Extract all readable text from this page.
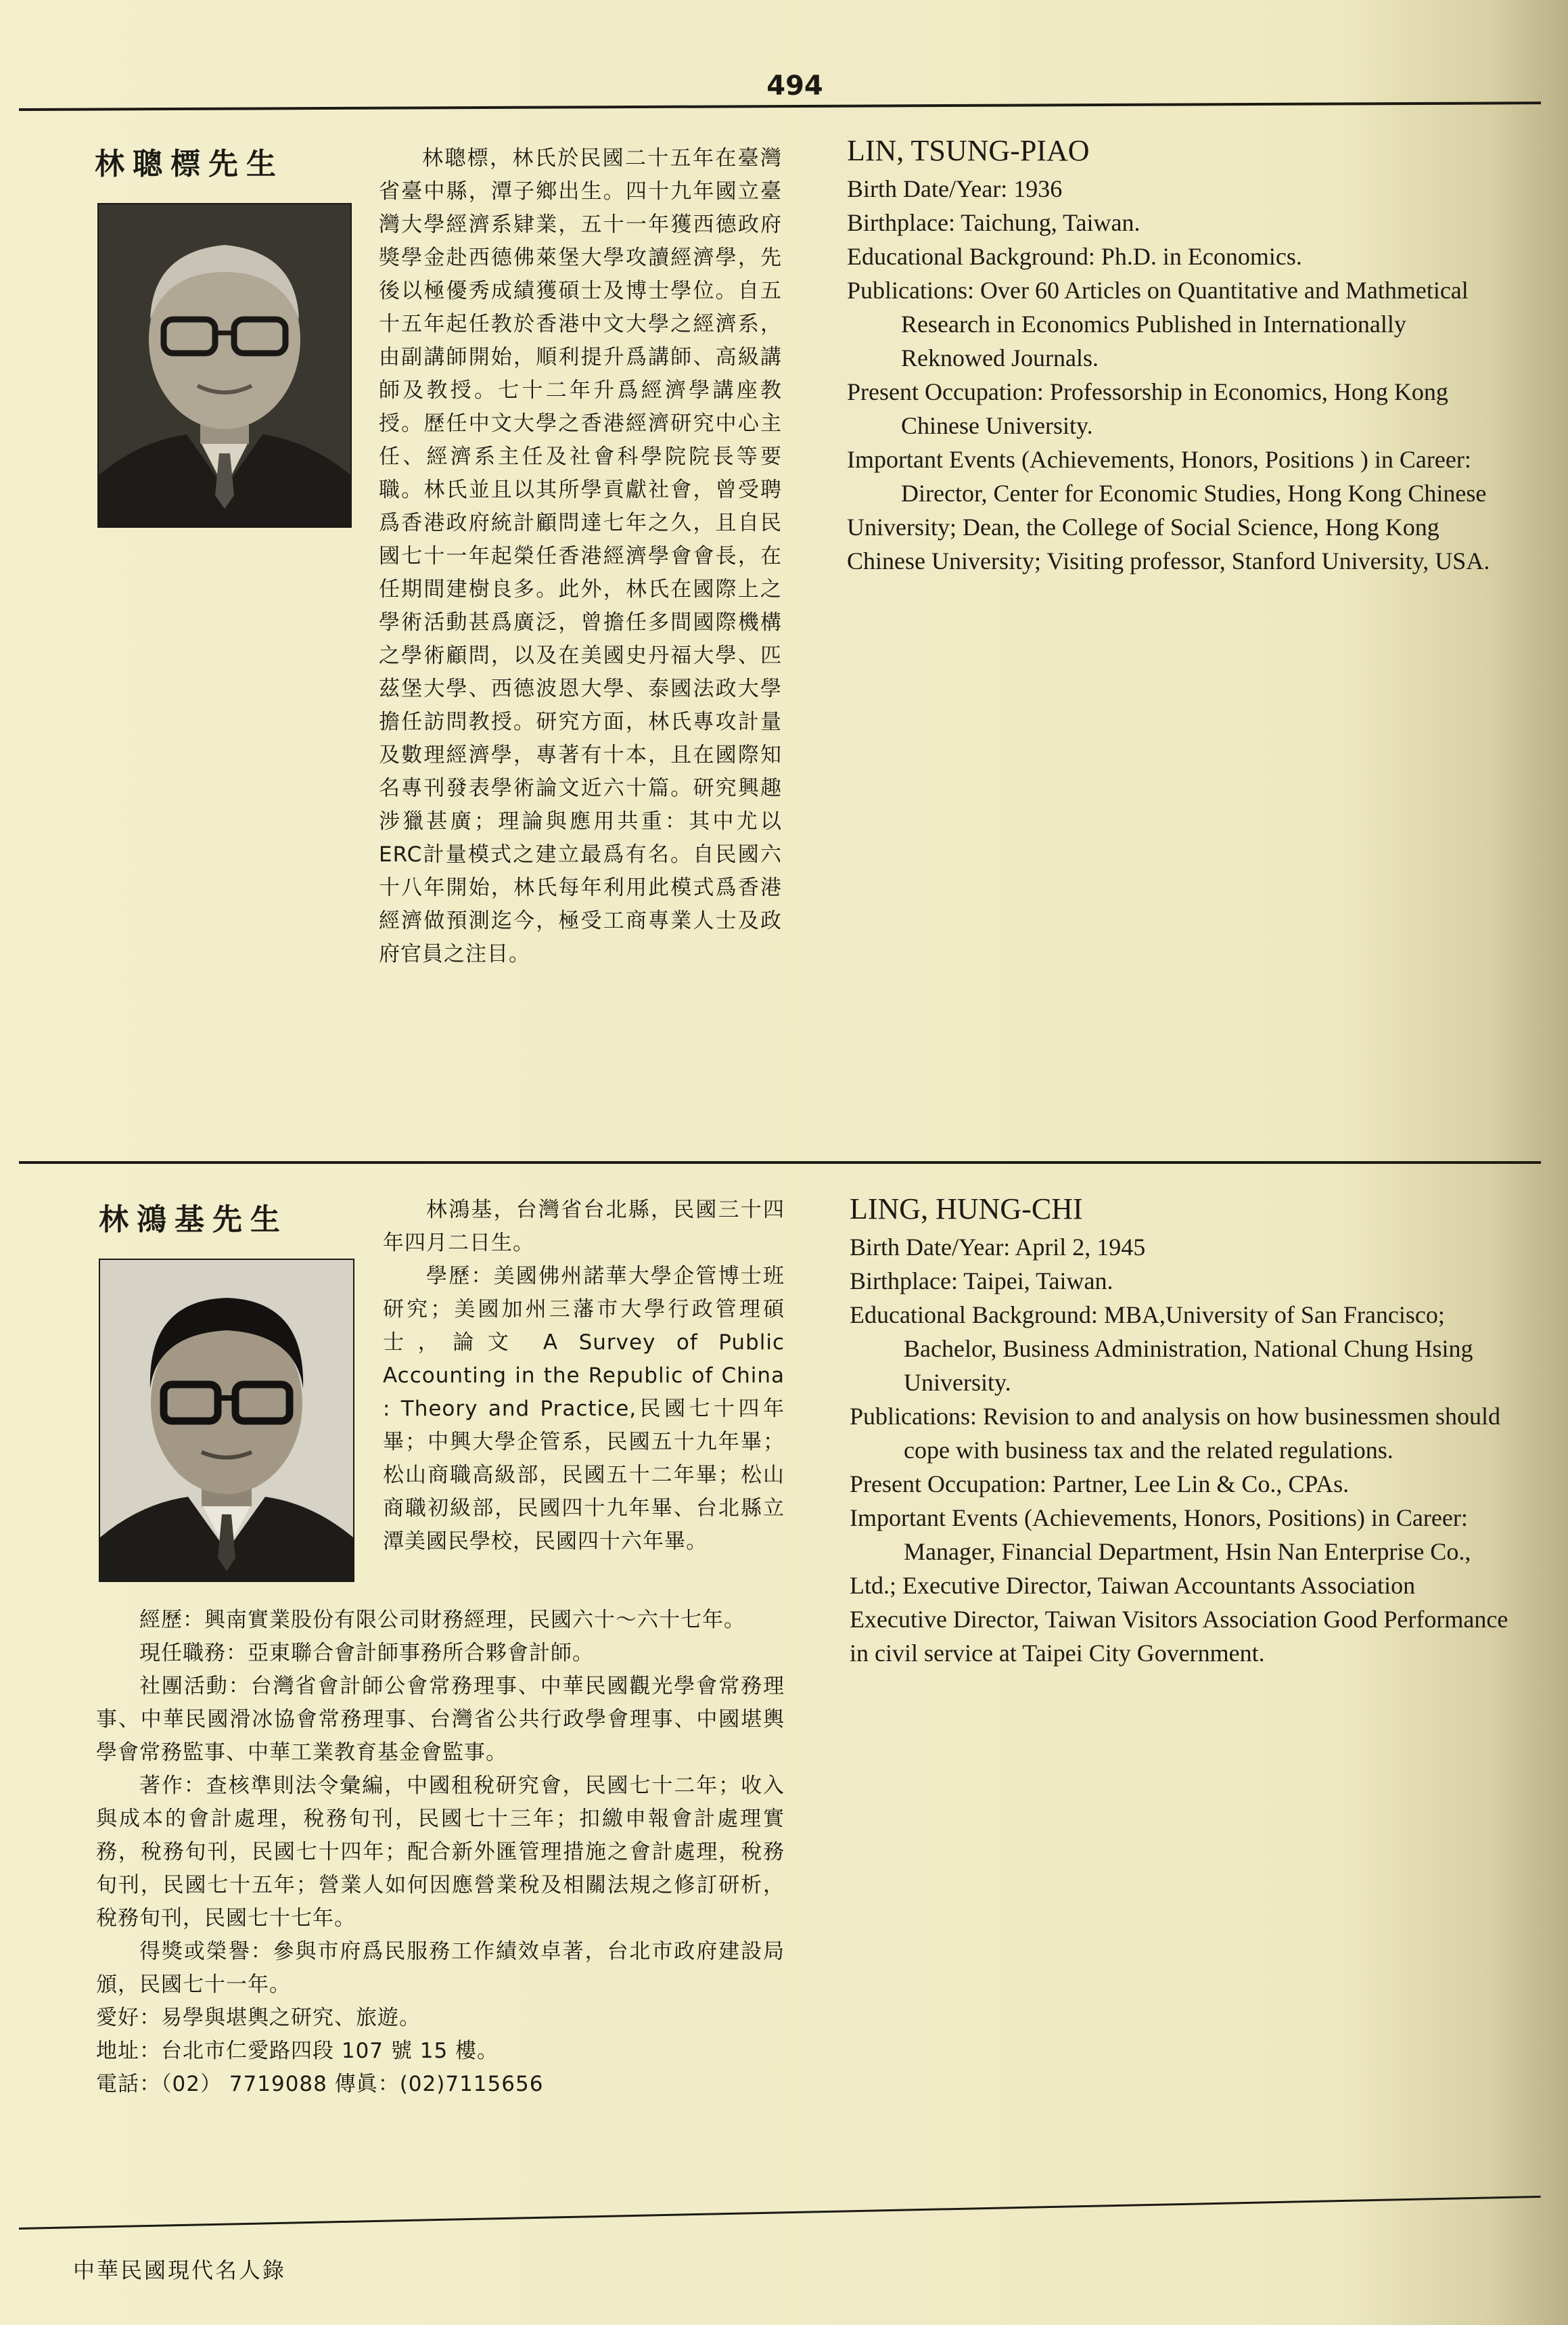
494
林聰標先生	林聰標，林氏於民國二十五年在臺灣省臺中縣，潭子鄉出生。四十九年國立臺灣大學經濟系肄業，五十一年獲西德政府獎學金赴西德佛萊堡大學攻讀經濟學，先後以極優秀成績獲碩士及博士學位。自五十五年起任教於香港中文大學之經濟系，由副講師開始，順利提升爲講師、高級講師及教授。七十二年升爲經濟學講座教授。歷任中文大學之香港經濟研究中心主任、經濟系主任及社會科學院院長等要職。林氏並且以其所學貢獻社會，曾受聘爲香港政府統計顧問達七年之久，且自民國七十一年起榮任香港經濟學會會長，在任期間建樹良多。此外，林氏在國際上之學術活動甚爲廣泛，曾擔任多間國際機構之學術顧問，以及在美國史丹福大學、匹茲堡大學、西德波恩大學、泰國法政大學擔任訪問教授。研究方面，林氏專攻計量及數理經濟學，專著有十本，且在國際知名專刊發表學術論文近六十篇。研究興趣涉獵甚廣；理論與應用共重：其中尤以ERC計量模式之建立最爲有名。自民國六十八年開始，林氏每年利用此模式爲香港經濟做預測迄今，極受工商專業人士及政府官員之注目。

LIN, TSUNG-PIAO

Birth Date/Year: 1936

Birthplace: Taichung, Taiwan.

Educational Background: Ph.D. in Economics.

Publications: Over 60 Articles on Quantitative and Mathmetical Research in Economics Published in Internationally Reknowed Journals.

Present Occupation: Professorship in Economics, Hong Kong Chinese University.

Important Events (Achievements, Honors, Positions ) in Career:

Director, Center for Economic Studies, Hong Kong Chinese University; Dean, the College of Social Science, Hong Kong Chinese University; Visiting professor, Stanford University, USA.

林鴻基先生	林鴻基，台灣省台北縣，民國三十四年四月二日生。

學歷：美國佛州諾華大學企管博士班研究；美國加州三藩市大學行政管理碩士，論文 A Survey of Public Accounting in the Republic of China : Theory and Practice,民國七十四年畢；中興大學企管系，民國五十九年畢；松山商職高級部，民國五十二年畢；松山商職初級部，民國四十九年畢、台北縣立潭美國民學校，民國四十六年畢。

經歷：興南實業股份有限公司財務經理，民國六十～六十七年。

現任職務：亞東聯合會計師事務所合夥會計師。

社團活動：台灣省會計師公會常務理事、中華民國觀光學會常務理事、中華民國滑冰協會常務理事、台灣省公共行政學會理事、中國堪輿學會常務監事、中華工業教育基金會監事。

著作：查核準則法令彙編，中國租稅研究會，民國七十二年；收入與成本的會計處理，稅務旬刊，民國七十三年；扣繳申報會計處理實務，稅務旬刊，民國七十四年；配合新外匯管理措施之會計處理，稅務旬刊，民國七十五年；營業人如何因應營業稅及相關法規之修訂研析，稅務旬刊，民國七十七年。

得獎或榮譽：參與市府爲民服務工作績效卓著，台北市政府建設局頒，民國七十一年。

愛好：易學與堪輿之研究、旅遊。

地址：台北市仁愛路四段 107 號 15 樓。

電話：（02） 7719088 傳眞：(02)7115656

LING, HUNG-CHI

Birth Date/Year: April 2, 1945

Birthplace: Taipei, Taiwan.

Educational Background: MBA,University of San Francisco; Bachelor, Business Administration, National Chung Hsing University.

Publications: Revision to and analysis on how businessmen should cope with business tax and the related regulations.

Present Occupation: Partner, Lee Lin & Co., CPAs.

Important Events (Achievements, Honors, Positions) in Career:

Manager, Financial Department, Hsin Nan Enterprise Co., Ltd.; Executive Director, Taiwan Accountants Association Executive Director, Taiwan Visitors Association Good Performance in civil service at Taipei City Government.

中華民國現代名人錄
